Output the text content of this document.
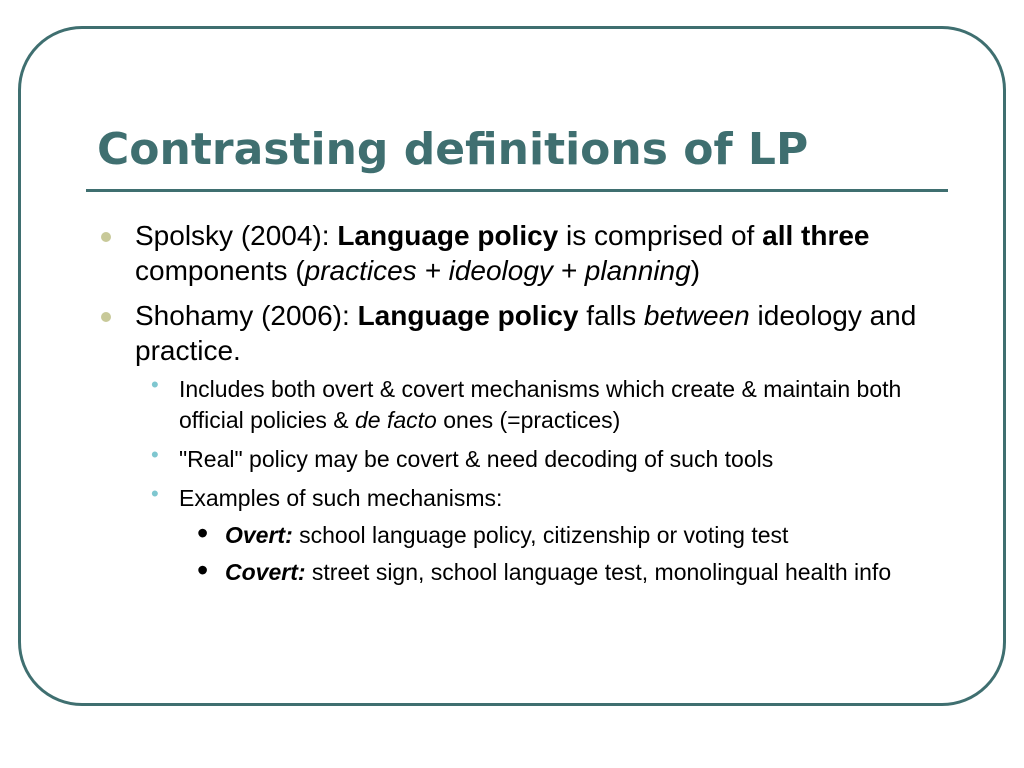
Contrasting definitions of LP
Spolsky (2004): Language policy is comprised of all three components (practices + ideology + planning)
Shohamy (2006): Language policy falls between ideology and practice.
• Includes both overt & covert mechanisms which create & maintain both official policies & de facto ones (=practices)
• "Real" policy may be covert & need decoding of such tools
• Examples of such mechanisms:
• Overt: school language policy, citizenship or voting test
• Covert: street sign, school language test, monolingual health info
